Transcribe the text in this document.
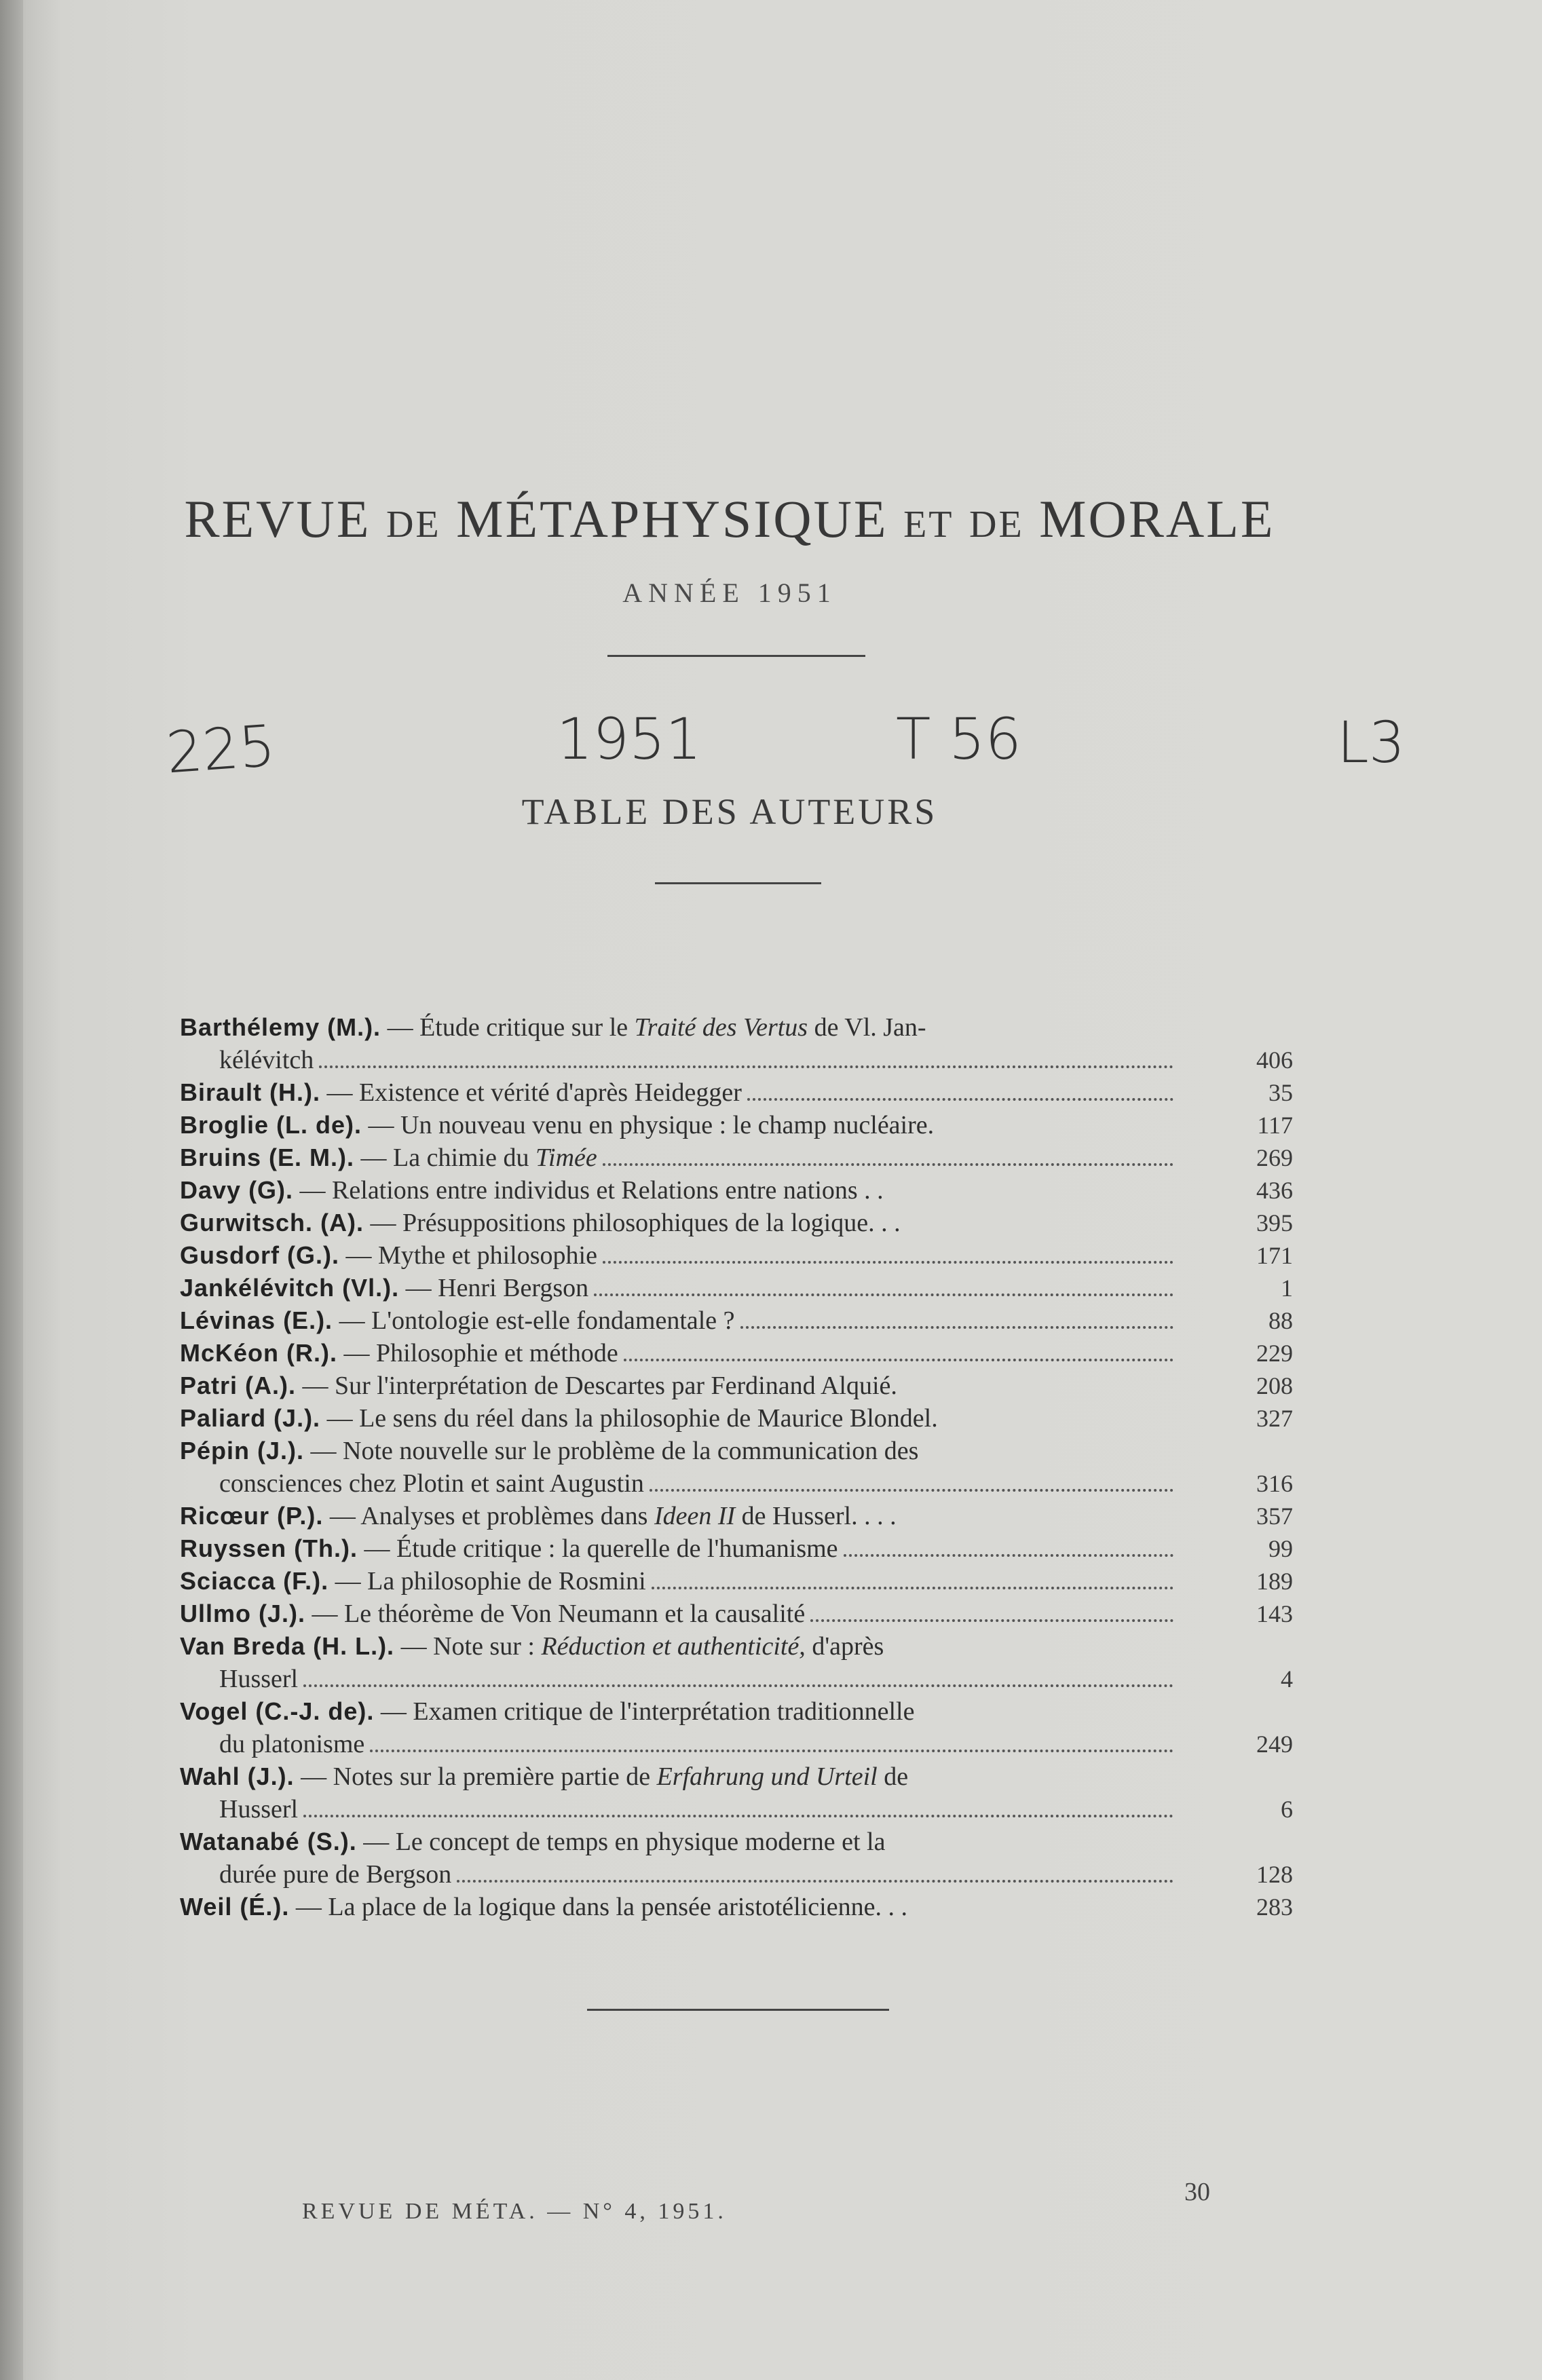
REVUE DE MÉTAPHYSIQUE ET DE MORALE
ANNÉE 1951
225	1951	T 56	L3
TABLE DES AUTEURS
Barthélemy (M.). — Étude critique sur le Traité des Vertus de Vl. Jan-
kélévitch	406
Birault (H.). — Existence et vérité d'après Heidegger	35
Broglie (L. de). — Un nouveau venu en physique : le champ nucléaire.	117
Bruins (E. M.). — La chimie du Timée	269
Davy (G). — Relations entre individus et Relations entre nations . .	436
Gurwitsch. (A). — Présuppositions philosophiques de la logique. . .	395
Gusdorf (G.). — Mythe et philosophie	171
Jankélévitch (Vl.). — Henri Bergson	1
Lévinas (E.). — L'ontologie est-elle fondamentale ?	88
McKéon (R.). — Philosophie et méthode	229
Patri (A.). — Sur l'interprétation de Descartes par Ferdinand Alquié.	208
Paliard (J.). — Le sens du réel dans la philosophie de Maurice Blondel.	327
Pépin (J.). — Note nouvelle sur le problème de la communication des
consciences chez Plotin et saint Augustin	316
Ricœur (P.). — Analyses et problèmes dans Ideen II de Husserl. . . .	357
Ruyssen (Th.). — Étude critique : la querelle de l'humanisme	99
Sciacca (F.). — La philosophie de Rosmini	189
Ullmo (J.). — Le théorème de Von Neumann et la causalité	143
Van Breda (H. L.). — Note sur : Réduction et authenticité, d'après
Husserl	4
Vogel (C.-J. de). — Examen critique de l'interprétation traditionnelle
du platonisme	249
Wahl (J.). — Notes sur la première partie de Erfahrung und Urteil de
Husserl	6
Watanabé (S.). — Le concept de temps en physique moderne et la
durée pure de Bergson	128
Weil (É.). — La place de la logique dans la pensée aristotélicienne. . .	283
REVUE DE MÉTA. — N° 4, 1951.
30
